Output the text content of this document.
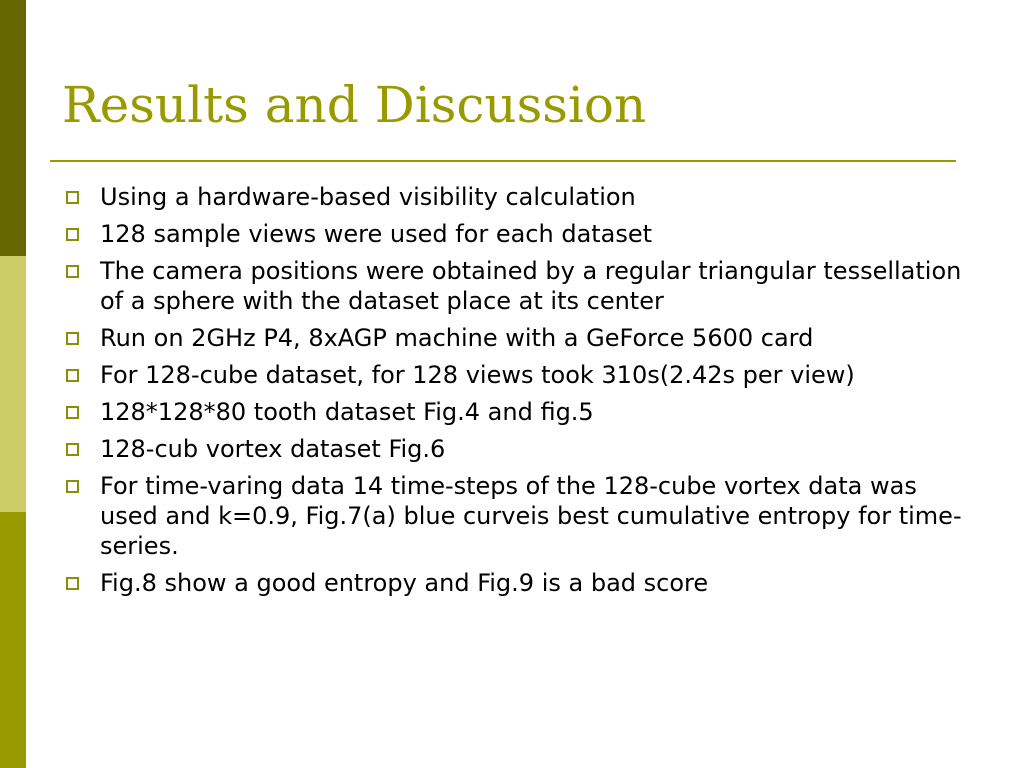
Results and Discussion
Using a hardware-based visibility calculation
128 sample views were used for each dataset
The camera positions were obtained by a regular triangular tessellation of a sphere with the dataset place at its center
Run on 2GHz P4, 8xAGP machine with a GeForce 5600 card
For 128-cube dataset, for 128 views took 310s(2.42s per view)
128*128*80 tooth dataset Fig.4 and fig.5
128-cub vortex dataset Fig.6
For time-varing data 14 time-steps of the 128-cube vortex data was used and k=0.9, Fig.7(a) blue curveis best cumulative entropy for time-series.
Fig.8 show a good entropy and Fig.9 is a bad score
